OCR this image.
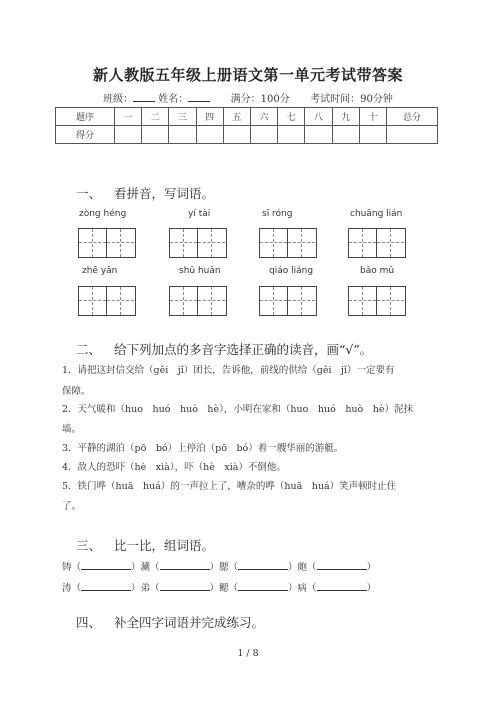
新人教版五年级上册语文第一单元考试带答案
班级：	姓名：	满分：100分 考试时间：90分钟
题序	一	二	三	四	五	六	七	八	九	十	总分
得分											
一、 看拼音，写词语。
zòng héng	yí tài	sī róng	chuāng lián
zhē yǎn	shū huǎn	qiáo liáng	bǎo mǔ
二、 给下列加点的多音字选择正确的读音，画“√”。
1．请把这封信交给（gěi　jǐ）团长，告诉他，前线的供给（gěi　jǐ）一定要有
保障。
2．天气暖和（huo　huó　huò　hè），小明在家和（huo　huó　huò　hè）泥抹
墙。
3．平静的湖泊（pō　bó）上停泊（pō　bó）着一艘华丽的游艇。
4．敌人的恐吓（hè　xià），吓（hè　xià）不倒他。
5．铁门哗（huā　huá）的一声拉上了，嘈杂的哗（huā　huá）笑声顿时止住
了。
三、 比一比，组词语。
铸（	）涮（	）腮（	）皰（	）
涛（	）弟（	）鳃（	）病（	）
四、 补全四字词语并完成练习。
1 / 8
